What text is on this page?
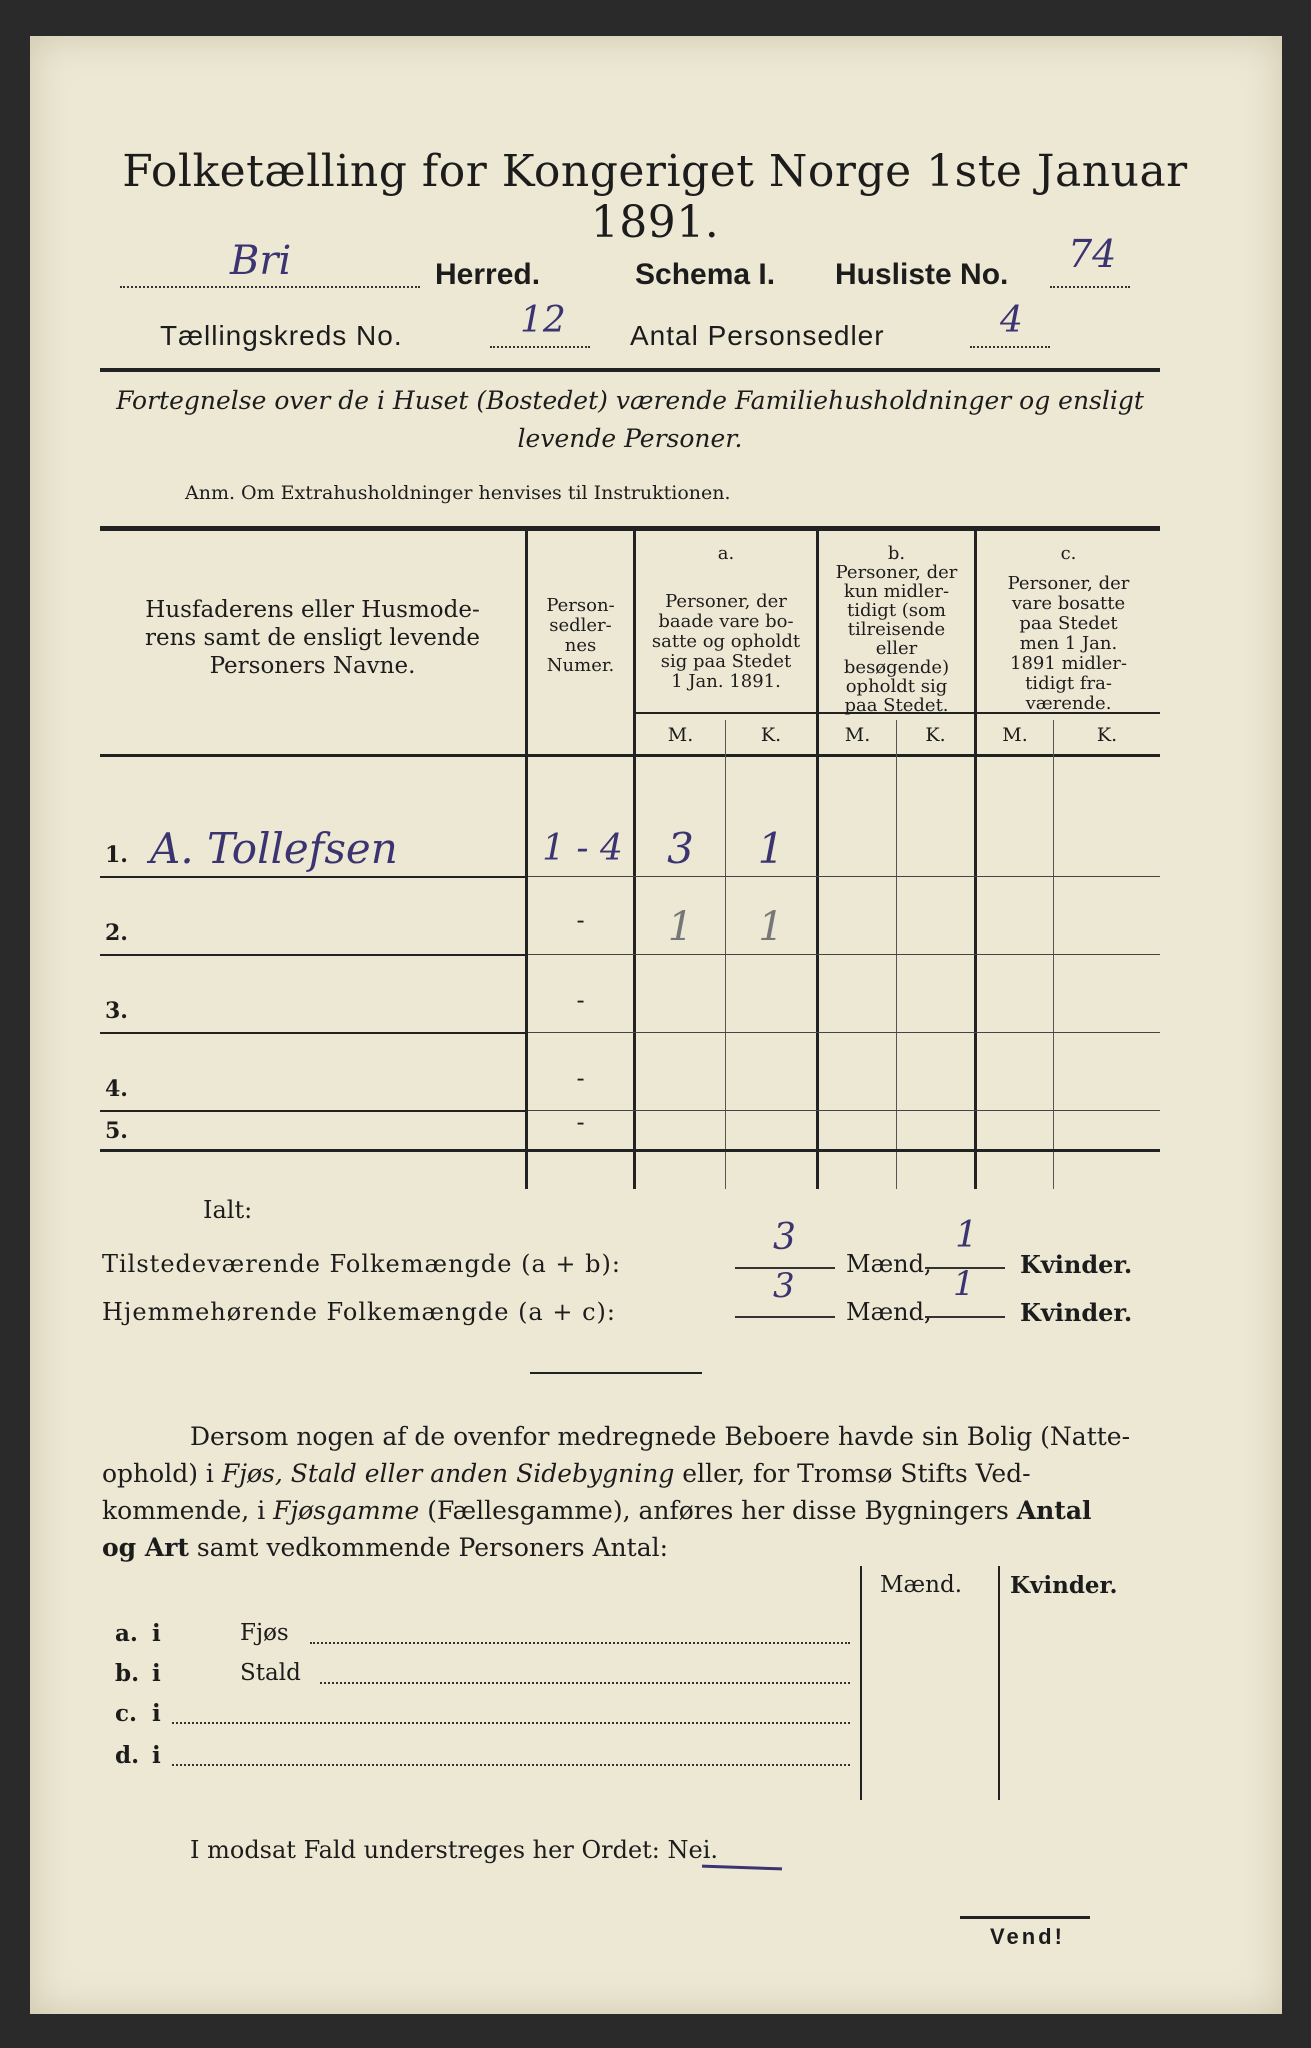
Folketælling for Kongeriget Norge 1ste Januar 1891.
Bri	Herred.	Schema I. Husliste No. 74
Tællingskreds No.	12 Antal Personsedler	4
Fortegnelse over de i Huset (Bostedet) værende Familiehusholdninger og ensligt
levende Personer.
Anm. Om Extrahusholdninger henvises til Instruktionen.
Husfaderens eller Husmode-
rens samt de ensligt levende
Personers Navne.
Person-
sedler-
nes
Numer.
a.
Personer, der
baade vare bo-
satte og opholdt
sig paa Stedet
1 Jan. 1891.
b.
Personer, der
kun midler-
tidigt (som
tilreisende
eller
besøgende)
opholdt sig
paa Stedet.
c.
Personer, der
vare bosatte
paa Stedet
men 1 Jan.
1891 midler-
tidigt fra-
værende.
M.	K.	M.	K.	M.	K.
1. A. Tollefsen	1 - 4	3	1
2.	-	1	1
3.	-
4.	-
5.	-
Ialt:
Tilstedeværende Folkemængde (a + b):
3
Mænd,
1
Kvinder.
Hjemmehørende Folkemængde (a + c):
3
Mænd,
1
Kvinder.
Dersom nogen af de ovenfor medregnede Beboere havde sin Bolig (Natte-
ophold) i Fjøs, Stald eller anden Sidebygning eller, for Tromsø Stifts Ved-
kommende, i Fjøsgamme (Fællesgamme), anføres her disse Bygningers Antal
og Art samt vedkommende Personers Antal:
Mænd. Kvinder.
a. i	Fjøs
b. i	Stald
c. i
d. i
I modsat Fald understreges her Ordet: Nei.
Vend!
